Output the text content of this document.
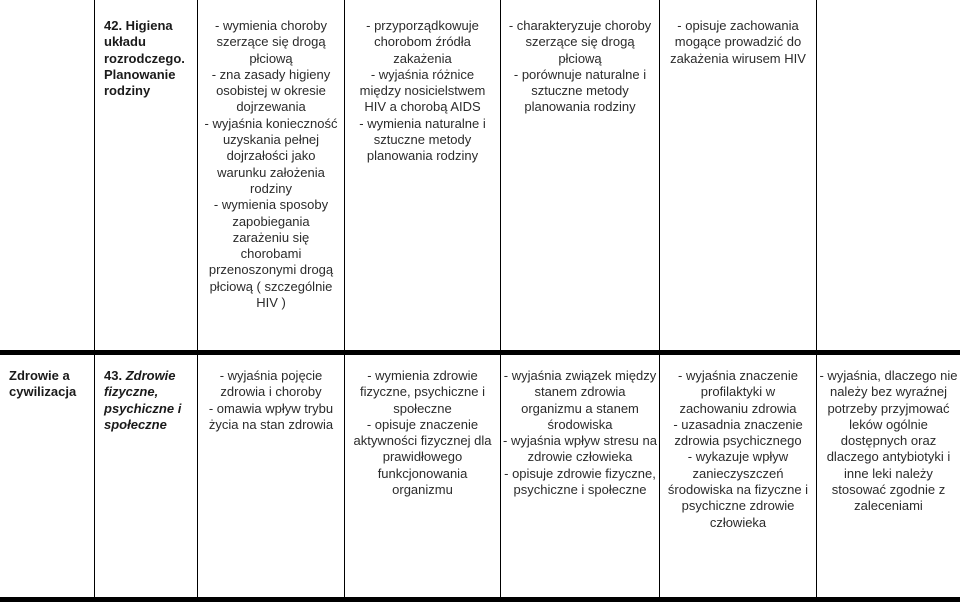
42. Higiena
układu
rozrodczego.
Planowanie
rodziny
- wymienia choroby
szerzące się drogą
płciową
- zna zasady higieny
osobistej w okresie
dojrzewania
- wyjaśnia konieczność
uzyskania pełnej
dojrzałości jako
warunku założenia
rodziny
- wymienia sposoby
zapobiegania
zarażeniu się
chorobami
przenoszonymi drogą
płciową ( szczególnie
HIV )
- przyporządkowuje
chorobom źródła
zakażenia
- wyjaśnia różnice
między nosicielstwem
HIV a chorobą AIDS
- wymienia naturalne i
sztuczne metody
planowania rodziny
- charakteryzuje choroby
szerzące się drogą
płciową
- porównuje naturalne i
sztuczne metody
planowania rodziny
- opisuje zachowania
mogące prowadzić do
zakażenia wirusem HIV
Zdrowie a
cywilizacja
43. Zdrowie
fizyczne,
psychiczne i
społeczne
- wyjaśnia pojęcie
zdrowia i choroby
- omawia wpływ trybu
życia na stan zdrowia
- wymienia zdrowie
fizyczne, psychiczne i
społeczne
- opisuje znaczenie
aktywności fizycznej dla
prawidłowego
funkcjonowania
organizmu
- wyjaśnia związek między
stanem zdrowia
organizmu a stanem
środowiska
- wyjaśnia wpływ stresu na
zdrowie człowieka
- opisuje zdrowie fizyczne,
psychiczne i społeczne
- wyjaśnia znaczenie
profilaktyki w
zachowaniu zdrowia
- uzasadnia znaczenie
zdrowia psychicznego
- wykazuje wpływ
zanieczyszczeń
środowiska na fizyczne i
psychiczne zdrowie
człowieka
- wyjaśnia, dlaczego nie
należy bez wyraźnej
potrzeby przyjmować
leków ogólnie
dostępnych oraz
dlaczego antybiotyki i
inne leki należy
stosować zgodnie z
zaleceniami
